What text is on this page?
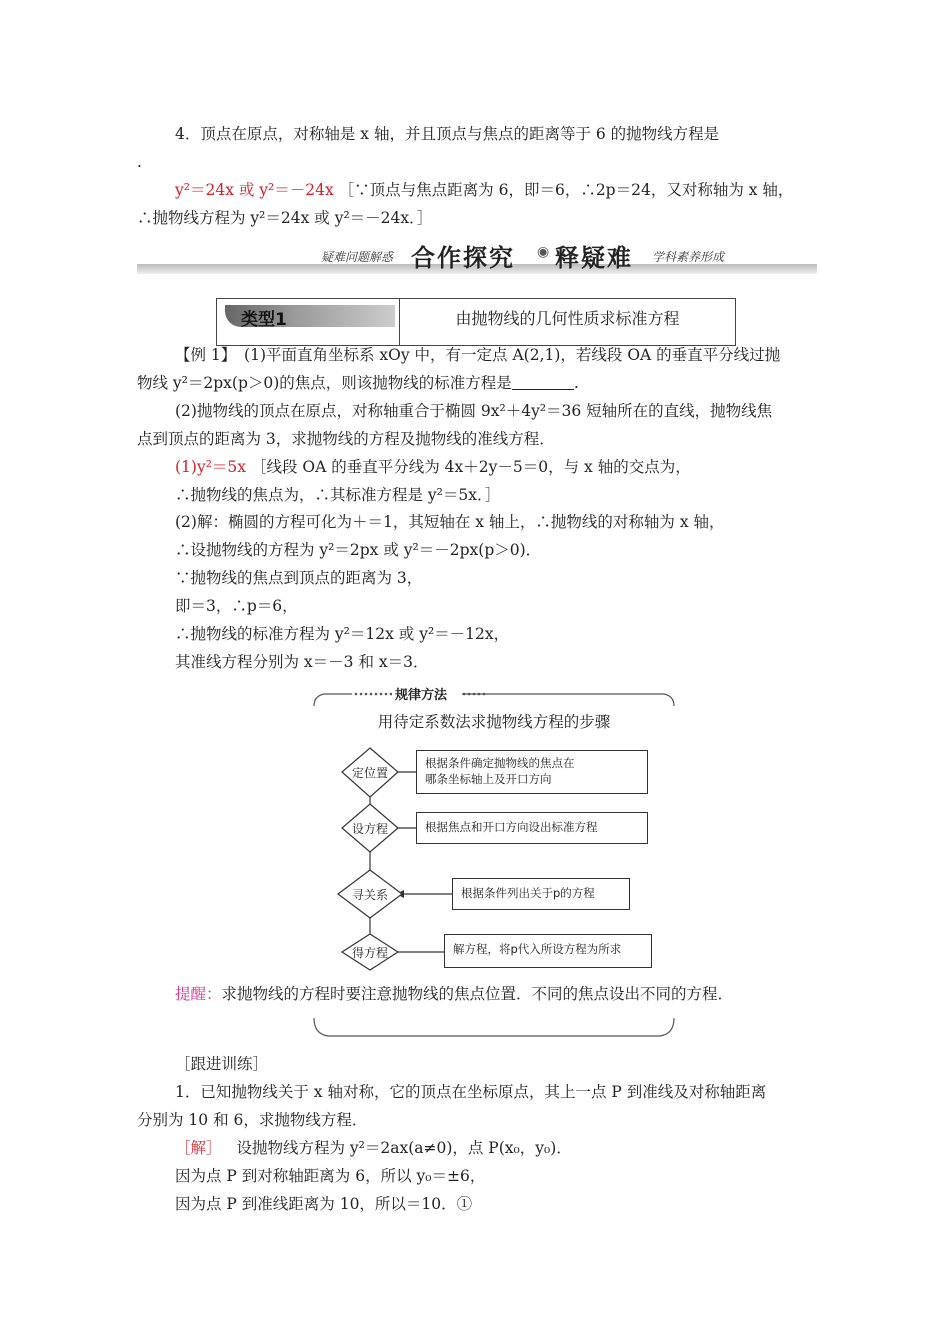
4．顶点在原点，对称轴是 x 轴，并且顶点与焦点的距离等于 6 的抛物线方程是
.
y²＝24x 或 y²＝－24x ［∵顶点与焦点距离为 6，即＝6，∴2p＝24，又对称轴为 x 轴，
∴抛物线方程为 y²＝24x 或 y²＝－24x．］
疑难问题解惑 合作探究 ◉ 释疑难 学科素养形成
类型1	由抛物线的几何性质求标准方程
【例 1】　(1)平面直角坐标系 xOy 中，有一定点 A(2,1)，若线段 OA 的垂直平分线过抛
物线 y²＝2px(p＞0)的焦点，则该抛物线的标准方程是	.
(2)抛物线的顶点在原点，对称轴重合于椭圆 9x²＋4y²＝36 短轴所在的直线，抛物线焦
点到顶点的距离为 3，求抛物线的方程及抛物线的准线方程．
(1)y²＝5x ［线段 OA 的垂直平分线为 4x＋2y－5＝0，与 x 轴的交点为，
∴抛物线的焦点为，∴其标准方程是 y²＝5x．］
(2)解：椭圆的方程可化为＋＝1，其短轴在 x 轴上，∴抛物线的对称轴为 x 轴，
∴设抛物线的方程为 y²＝2px 或 y²＝－2px(p＞0)．
∵抛物线的焦点到顶点的距离为 3，
即＝3，∴p＝6，
∴抛物线的标准方程为 y²＝12x 或 y²＝－12x，
其准线方程分别为 x＝－3 和 x＝3．
规律方法
用待定系数法求抛物线方程的步骤
定位置
设方程
寻关系
得方程
根据条件确定抛物线的焦点在
哪条坐标轴上及开口方向
根据焦点和开口方向设出标准方程
根据条件列出关于p的方程
解方程，将p代入所设方程为所求
提醒：求抛物线的方程时要注意抛物线的焦点位置．不同的焦点设出不同的方程．
［跟进训练］
1．已知抛物线关于 x 轴对称，它的顶点在坐标原点，其上一点 P 到准线及对称轴距离
分别为 10 和 6，求抛物线方程．
［解］ 设抛物线方程为 y²＝2ax(a≠0)，点 P(x₀，y₀)．
因为点 P 到对称轴距离为 6，所以 y₀＝±6，
因为点 P 到准线距离为 10，所以＝10．①
